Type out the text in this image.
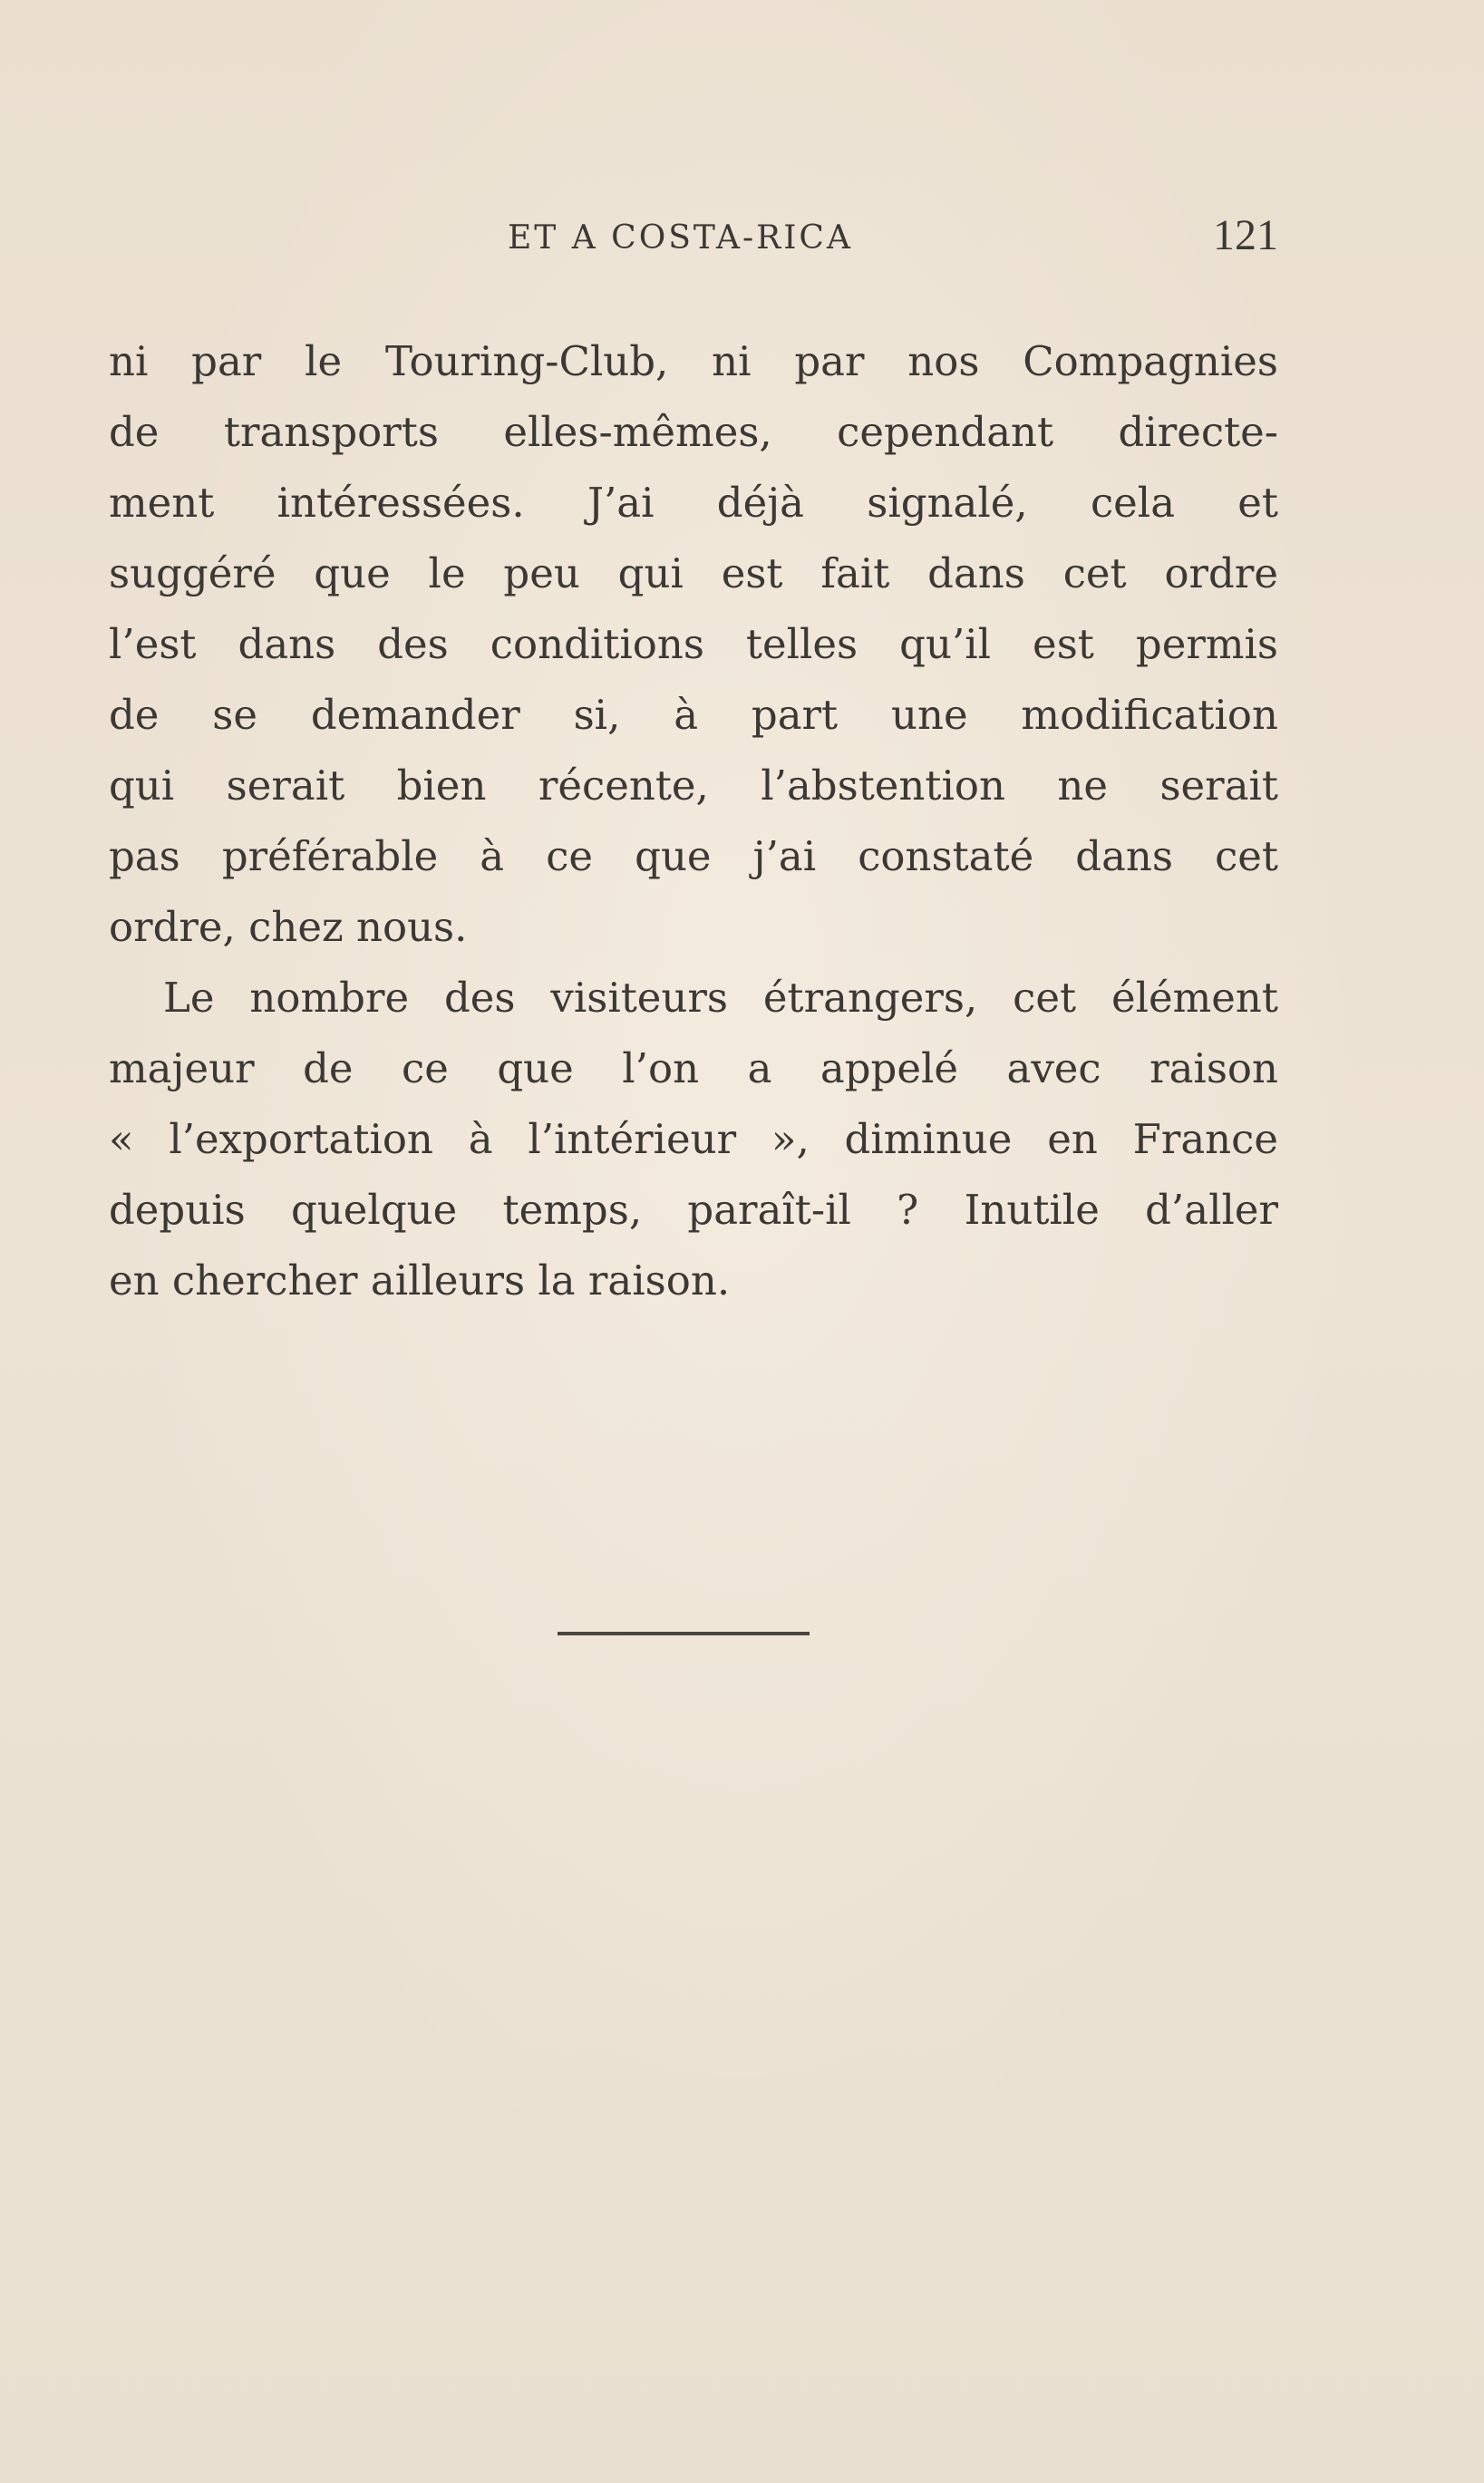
ET A COSTA-RICA	121

ni par le Touring-Club, ni par nos Compagnies
de transports elles-mêmes, cependant directe-
ment intéressées. J’ai déjà signalé, cela et
suggéré que le peu qui est fait dans cet ordre
l’est dans des conditions telles qu’il est permis
de se demander si, à part une modification
qui serait bien récente, l’abstention ne serait
pas préférable à ce que j’ai constaté dans cet
ordre, chez nous.

Le nombre des visiteurs étrangers, cet élément
majeur de ce que l’on a appelé avec raison
« l’exportation à l’intérieur », diminue en France
depuis quelque temps, paraît-il ? Inutile d’aller
en chercher ailleurs la raison.
